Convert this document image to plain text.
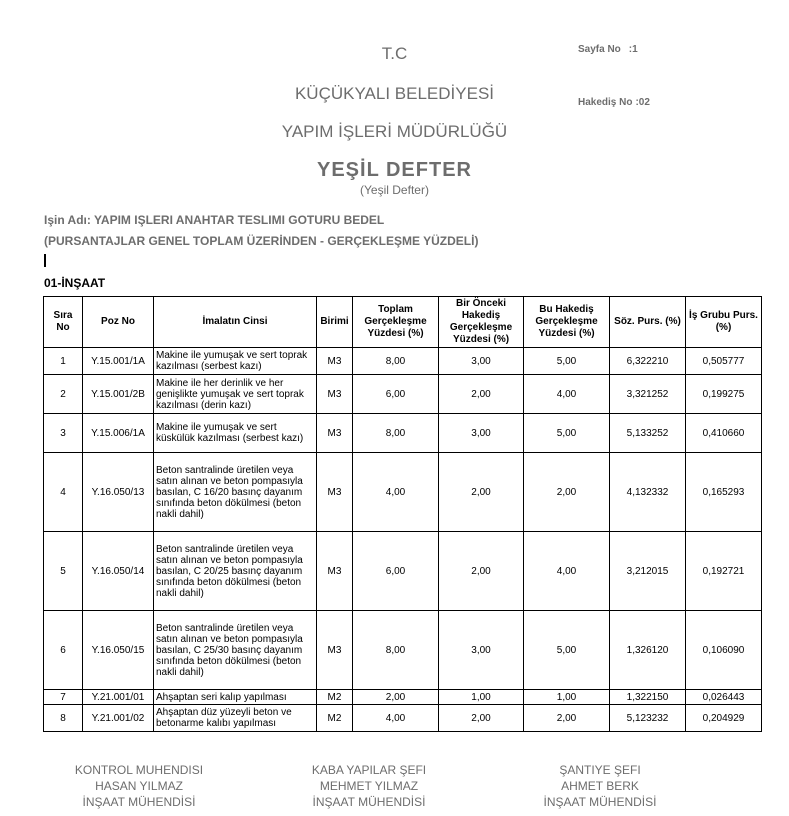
T.C
KÜÇÜKYALI BELEDİYESİ
YAPIM İŞLERİ MÜDÜRLÜĞÜ
YEŞİL DEFTER
(Yeşil Defter)
Sayfa No :1
Hakediş No :02
Işin Adı: YAPIM IŞLERI ANAHTAR TESLIMI GOTURU BEDEL
(PURSANTAJLAR GENEL TOPLAM ÜZERİNDEN - GERÇEKLEŞME YÜZDELİ)
01-İNŞAAT
Sıra No	Poz No	İmalatın Cinsi	Birimi	Toplam Gerçekleşme Yüzdesi (%)	Bir Önceki Hakediş Gerçekleşme Yüzdesi (%)	Bu Hakediş Gerçekleşme Yüzdesi (%)	Söz. Purs. (%)	İş Grubu Purs. (%)
1	Y.15.001/1A	Makine ile yumuşak ve sert toprak kazılması (serbest kazı)	M3	8,00	3,00	5,00	6,322210	0,505777
2	Y.15.001/2B	Makine ile her derinlik ve her genişlikte yumuşak ve sert toprak kazılması (derin kazı)	M3	6,00	2,00	4,00	3,321252	0,199275
3	Y.15.006/1A	Makine ile yumuşak ve sert küskülük kazılması (serbest kazı)	M3	8,00	3,00	5,00	5,133252	0,410660
4	Y.16.050/13	Beton santralinde üretilen veya satın alınan ve beton pompasıyla basılan, C 16/20 basınç dayanım sınıfında beton dökülmesi (beton nakli dahil)	M3	4,00	2,00	2,00	4,132332	0,165293
5	Y.16.050/14	Beton santralinde üretilen veya satın alınan ve beton pompasıyla basılan, C 20/25 basınç dayanım sınıfında beton dökülmesi (beton nakli dahil)	M3	6,00	2,00	4,00	3,212015	0,192721
6	Y.16.050/15	Beton santralinde üretilen veya satın alınan ve beton pompasıyla basılan, C 25/30 basınç dayanım sınıfında beton dökülmesi (beton nakli dahil)	M3	8,00	3,00	5,00	1,326120	0,106090
7	Y.21.001/01	Ahşaptan seri kalıp yapılması	M2	2,00	1,00	1,00	1,322150	0,026443
8	Y.21.001/02	Ahşaptan düz yüzeyli beton ve betonarme kalıbı yapılması	M2	4,00	2,00	2,00	5,123232	0,204929
KONTROL MUHENDISI
HASAN YILMAZ
İNŞAAT MÜHENDİSİ
KABA YAPILAR ŞEFI
MEHMET YILMAZ
İNŞAAT MÜHENDİSİ
ŞANTIYE ŞEFI
AHMET BERK
İNŞAAT MÜHENDİSİ
